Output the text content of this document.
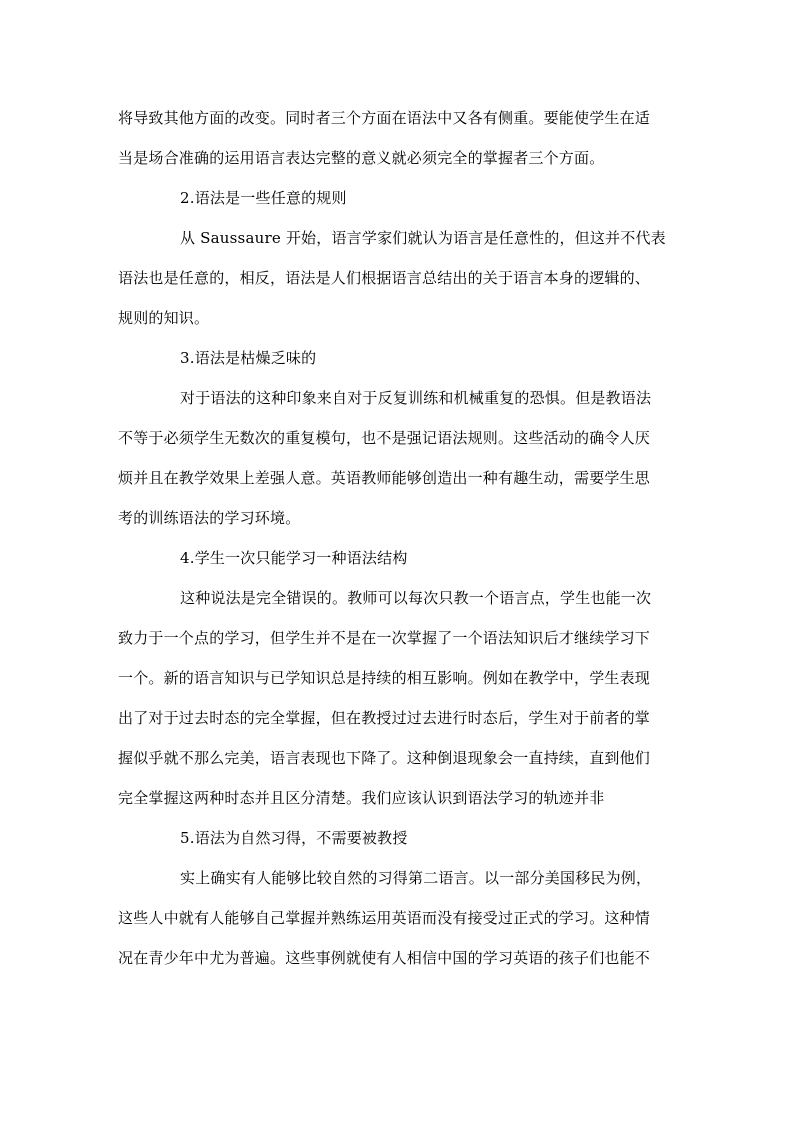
将导致其他方面的改变。同时者三个方面在语法中又各有侧重。要能使学生在适
当是场合准确的运用语言表达完整的意义就必须完全的掌握者三个方面。
2.语法是一些任意的规则
从 Saussaure 开始，语言学家们就认为语言是任意性的，但这并不代表
语法也是任意的，相反，语法是人们根据语言总结出的关于语言本身的逻辑的、
规则的知识。
3.语法是枯燥乏味的
对于语法的这种印象来自对于反复训练和机械重复的恐惧。但是教语法
不等于必须学生无数次的重复模句，也不是强记语法规则。这些活动的确令人厌
烦并且在教学效果上差强人意。英语教师能够创造出一种有趣生动，需要学生思
考的训练语法的学习环境。
4.学生一次只能学习一种语法结构
这种说法是完全错误的。教师可以每次只教一个语言点，学生也能一次
致力于一个点的学习，但学生并不是在一次掌握了一个语法知识后才继续学习下
一个。新的语言知识与已学知识总是持续的相互影响。例如在教学中，学生表现
出了对于过去时态的完全掌握，但在教授过过去进行时态后，学生对于前者的掌
握似乎就不那么完美，语言表现也下降了。这种倒退现象会一直持续，直到他们
完全掌握这两种时态并且区分清楚。我们应该认识到语法学习的轨迹并非
5.语法为自然习得，不需要被教授
实上确实有人能够比较自然的习得第二语言。以一部分美国移民为例，
这些人中就有人能够自己掌握并熟练运用英语而没有接受过正式的学习。这种情
况在青少年中尤为普遍。这些事例就使有人相信中国的学习英语的孩子们也能不
